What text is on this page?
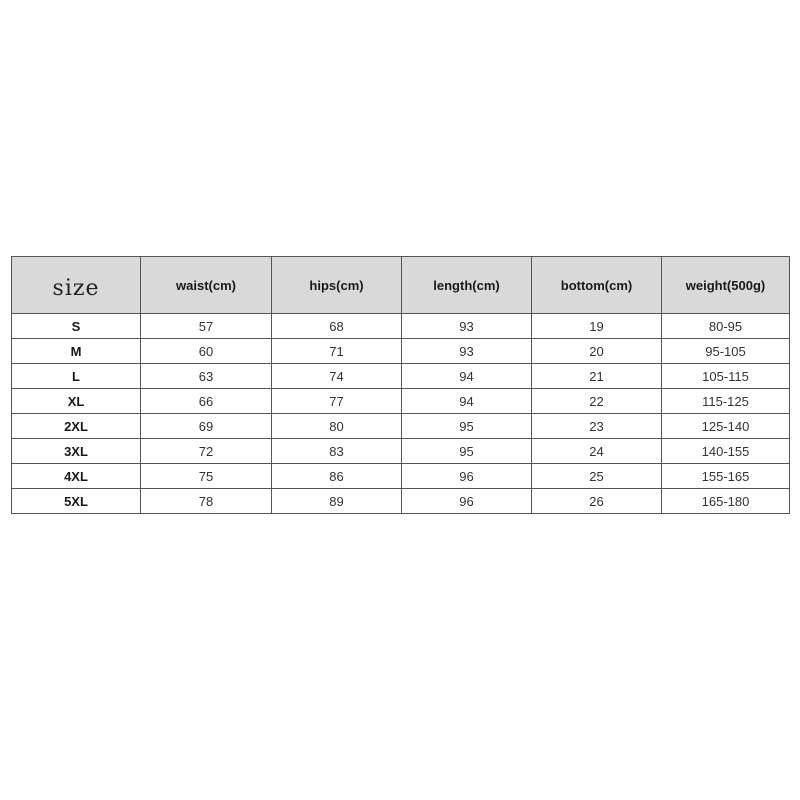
size	waist(cm)	hips(cm)	length(cm)	bottom(cm)	weight(500g)
S	57	68	93	19	80-95
M	60	71	93	20	95-105
L	63	74	94	21	105-115
XL	66	77	94	22	115-125
2XL	69	80	95	23	125-140
3XL	72	83	95	24	140-155
4XL	75	86	96	25	155-165
5XL	78	89	96	26	165-180
